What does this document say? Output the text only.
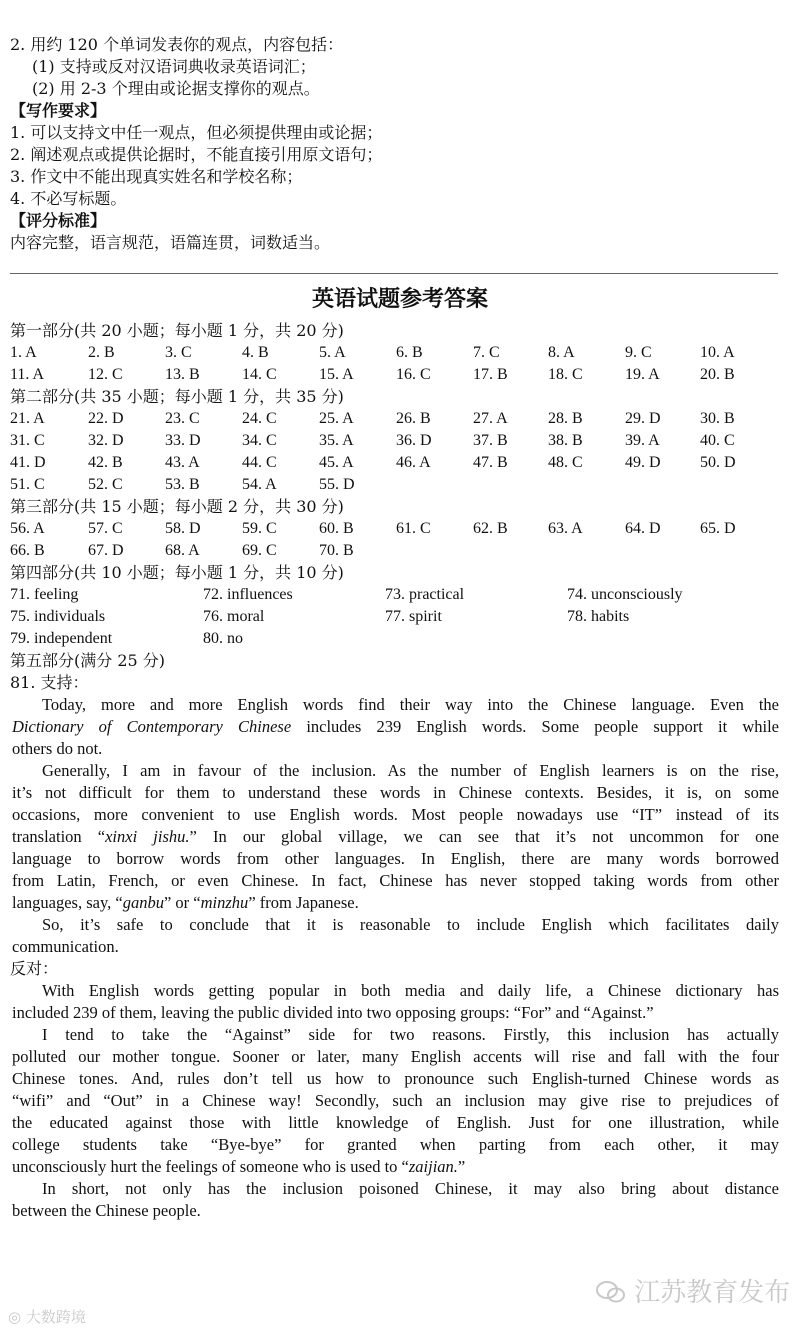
2. 用约 120 个单词发表你的观点，内容包括：
(1) 支持或反对汉语词典收录英语词汇；
(2) 用 2-3 个理由或论据支撑你的观点。
【写作要求】
1. 可以支持文中任一观点，但必须提供理由或论据；
2. 阐述观点或提供论据时，不能直接引用原文语句；
3. 作文中不能出现真实姓名和学校名称；
4. 不必写标题。
【评分标准】
内容完整，语言规范，语篇连贯，词数适当。
英语试题参考答案
第一部分(共 20 小题；每小题 1 分，共 20 分)
1. A	2. B	3. C	4. B	5. A	6. B	7. C	8. A	9. C	10. A
11. A	12. C	13. B	14. C	15. A	16. C	17. B	18. C	19. A	20. B
第二部分(共 35 小题；每小题 1 分，共 35 分)
21. A	22. D	23. C	24. C	25. A	26. B	27. A	28. B	29. D 30. B
31. C	32. D	33. D	34. C	35. A	36. D	37. B	38. B	39. A	40. C
41. D	42. B	43. A	44. C	45. A	46. A	47. B	48. C	49. D 50. D
51. C	52. C	53. B	54. A	55. D
第三部分(共 15 小题；每小题 2 分，共 30 分)
56. A	57. C	58. D	59. C	60. B	61. C	62. B	63. A	64. D 65. D
66. B	67. D	68. A	69. C	70. B
第四部分(共 10 小题；每小题 1 分，共 10 分)
71. feeling	72. influences	73. practical	74. unconsciously
75. individuals	76. moral	77. spirit	78. habits
79. independent	80. no
第五部分(满分 25 分)
81. 支持：
Today, more and more English words find their way into the Chinese language. Even the
Dictionary of Contemporary Chinese includes 239 English words. Some people support it while
others do not.
Generally, I am in favour of the inclusion. As the number of English learners is on the rise,
it’s not difficult for them to understand these words in Chinese contexts. Besides, it is, on some
occasions, more convenient to use English words. Most people nowadays use “IT” instead of its
translation “xinxi jishu.” In our global village, we can see that it’s not uncommon for one
language to borrow words from other languages. In English, there are many words borrowed
from Latin, French, or even Chinese. In fact, Chinese has never stopped taking words from other
languages, say, “ganbu” or “minzhu” from Japanese.
So, it’s safe to conclude that it is reasonable to include English which facilitates daily
communication.
反对：
With English words getting popular in both media and daily life, a Chinese dictionary has
included 239 of them, leaving the public divided into two opposing groups: “For” and “Against.”
I tend to take the “Against” side for two reasons. Firstly, this inclusion has actually
polluted our mother tongue. Sooner or later, many English accents will rise and fall with the four
Chinese tones. And, rules don’t tell us how to pronounce such English-turned Chinese words as
“wifi” and “Out” in a Chinese way! Secondly, such an inclusion may give rise to prejudices of
the educated against those with little knowledge of English. Just for one illustration, while
college students take “Bye-bye” for granted when parting from each other, it may
unconsciously hurt the feelings of someone who is used to “zaijian.”
In short, not only has the inclusion poisoned Chinese, it may also bring about distance
between the Chinese people.
江苏教育发布
◎ 大数跨境
